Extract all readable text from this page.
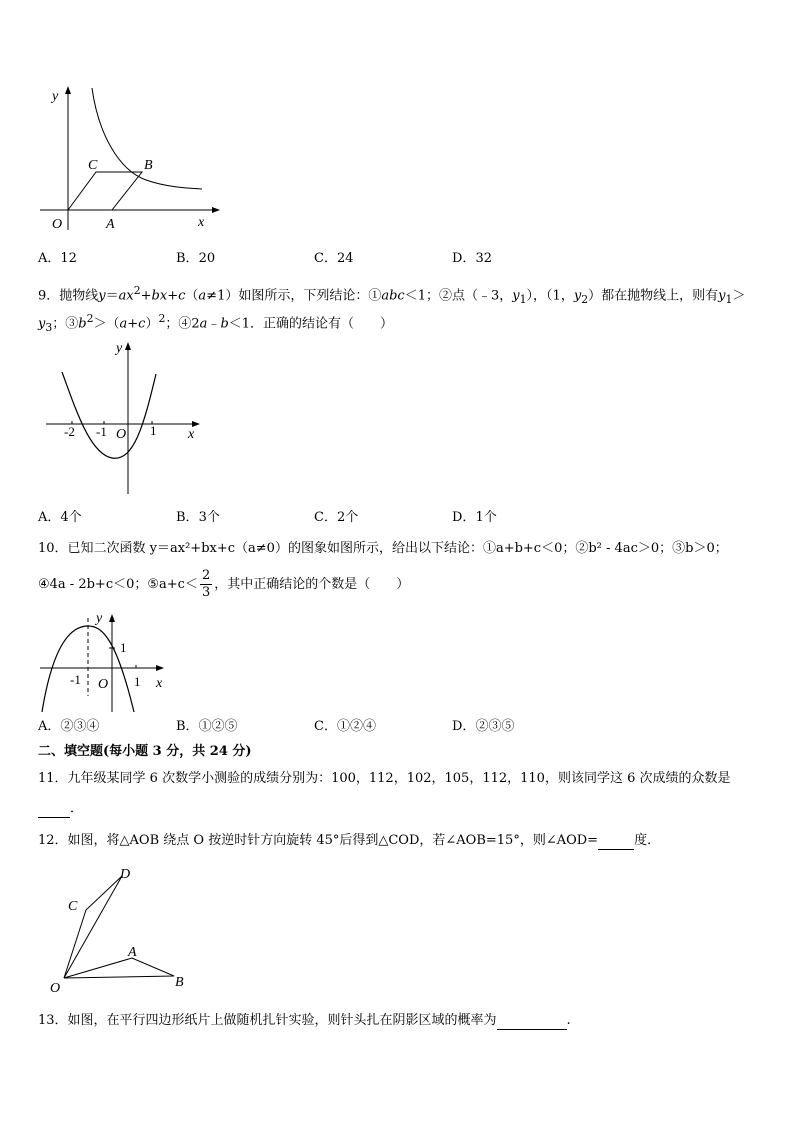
y
x
O	A
B
C
A．12	B．20	C．24	D．32
9．抛物线$y=ax^2+bx+c(a\ne 1)$如图所示，下列结论：①abc＜1；②点（﹣3，$y_1$），（1，$y_2$）都在抛物线上，则有$y_1>$
$y_3$；$③b^2>(a+c)^2$；④2a﹣b＜1．正确的结论有（　　）
y
x
O
-2 -1	1
A．4个	B．3个	C．2个	D．1个
10．已知二次函数 y＝ax²+bx+c（a≠0）的图象如图所示，给出以下结论：①a+b+c＜0；②b² - 4ac＞0；③b＞0；
④4a - 2b+c＜0；⑤a+c＜ $\frac{2}{3}$ ，其中正确结论的个数是（　　）
y
x
O
-1	1
1
A．②③④	B．①②⑤	C．①②④	D．②③⑤
二、填空题(每小题 3 分，共 24 分)
11．九年级某同学 6 次数学小测验的成绩分别为：100，112，102，105，112，110，则该同学这 6 次成绩的众数是
．
12．如图，将△AOB 绕点 O 按逆时针方向旋转 45°后得到△COD，若∠AOB=15°，则∠AOD=	度．
O
A
B
C
D
13．如图，在平行四边形纸片上做随机扎针实验，则针头扎在阴影区域的概率为	.
